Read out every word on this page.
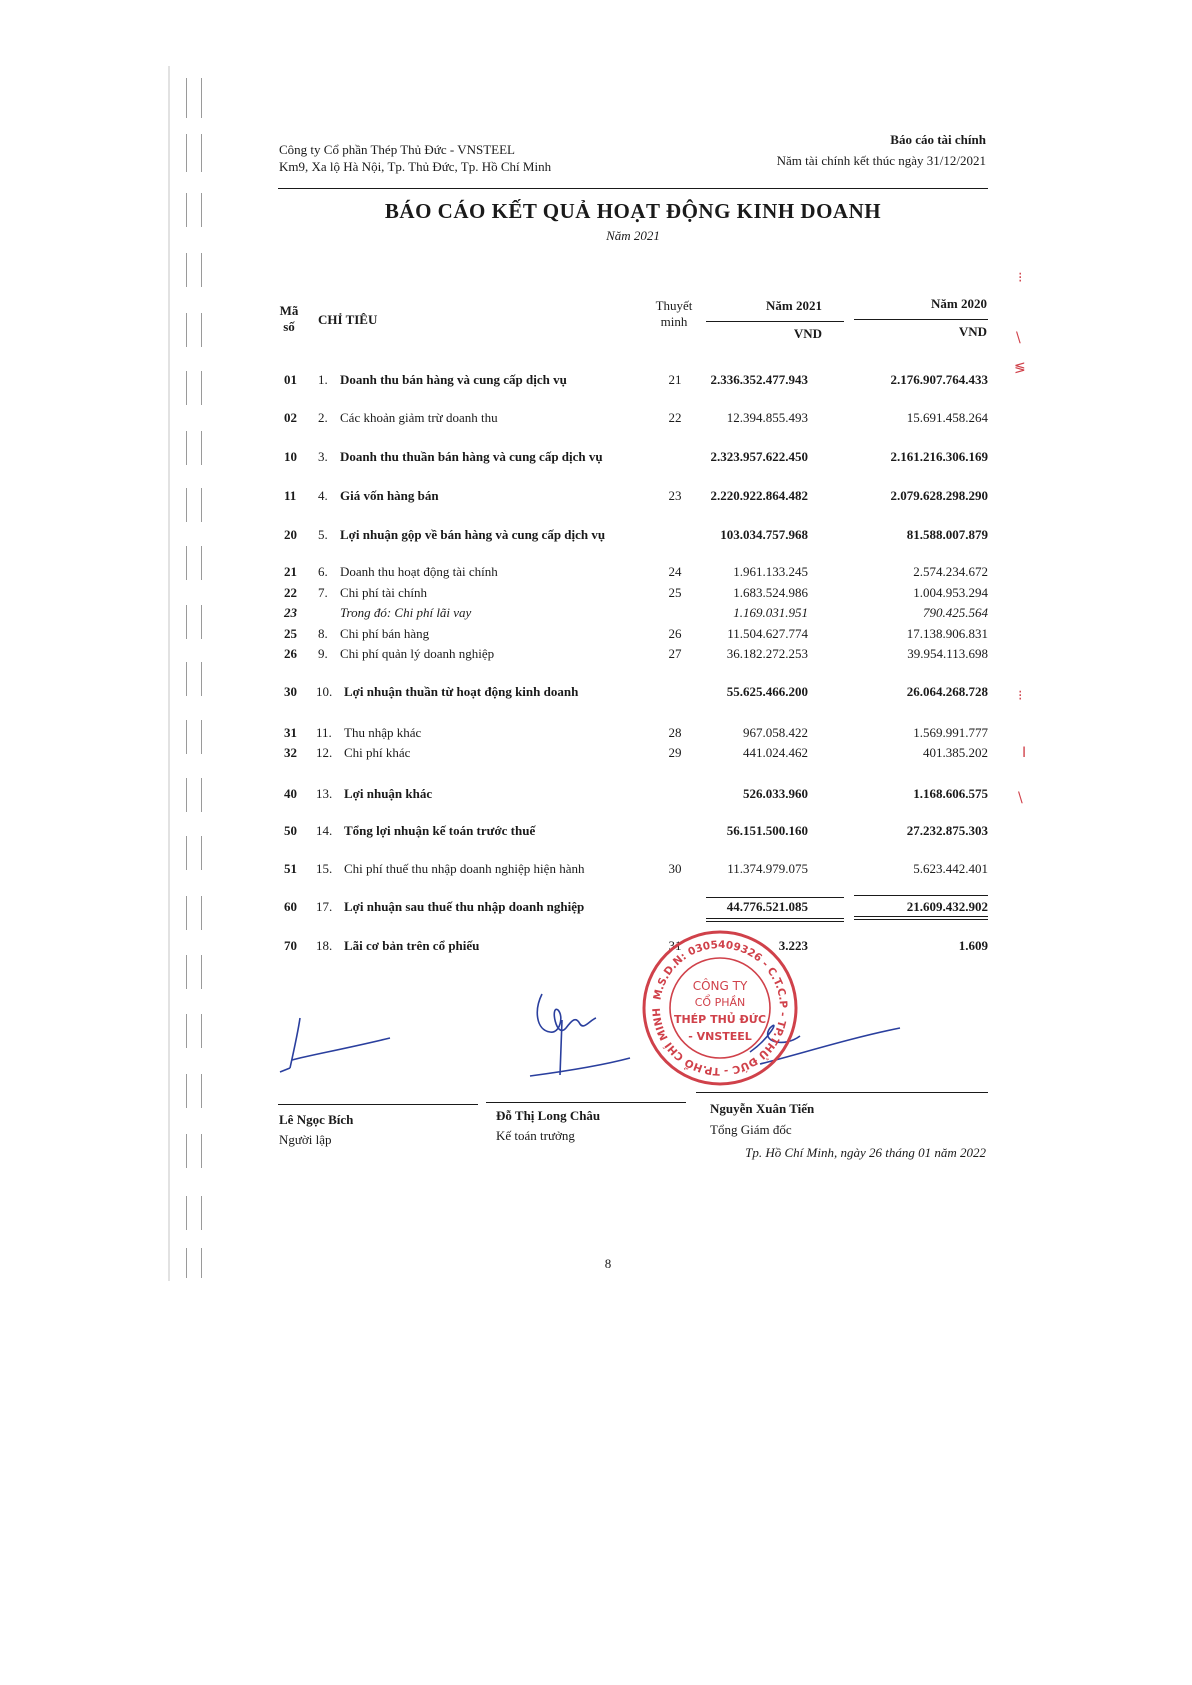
⁝
\
≶
⁝
I
\
Công ty Cổ phần Thép Thủ Đức - VNSTEEL
Km9, Xa lộ Hà Nội, Tp. Thủ Đức, Tp. Hồ Chí Minh
Báo cáo tài chính
Năm tài chính kết thúc ngày 31/12/2021
BÁO CÁO KẾT QUẢ HOẠT ĐỘNG KINH DOANH
Năm 2021
Mã
số	CHỈ TIÊU
Thuyết
minh
Năm 2021	Năm 2020
VND	VND
01 1. Doanh thu bán hàng và cung cấp dịch vụ	21	2.336.352.477.943	2.176.907.764.433
02 2. Các khoản giảm trừ doanh thu	22	12.394.855.493	15.691.458.264
10 3. Doanh thu thuần bán hàng và cung cấp dịch vụ	2.323.957.622.450	2.161.216.306.169
11 4. Giá vốn hàng bán	23	2.220.922.864.482	2.079.628.298.290
20 5. Lợi nhuận gộp về bán hàng và cung cấp dịch vụ	103.034.757.968	81.588.007.879
21 6. Doanh thu hoạt động tài chính	24	1.961.133.245	2.574.234.672
22 7. Chi phí tài chính	25	1.683.524.986	1.004.953.294
23	Trong đó: Chi phí lãi vay	1.169.031.951	790.425.564
25 8. Chi phí bán hàng	26	11.504.627.774	17.138.906.831
26 9. Chi phí quản lý doanh nghiệp	27	36.182.272.253	39.954.113.698
30 10. Lợi nhuận thuần từ hoạt động kinh doanh	55.625.466.200	26.064.268.728
31 11. Thu nhập khác	28	967.058.422	1.569.991.777
32 12. Chi phí khác	29	441.024.462	401.385.202
40 13. Lợi nhuận khác	526.033.960	1.168.606.575
50 14. Tổng lợi nhuận kế toán trước thuế	56.151.500.160	27.232.875.303
51 15. Chi phí thuế thu nhập doanh nghiệp hiện hành	30	11.374.979.075	5.623.442.401
60 17. Lợi nhuận sau thuế thu nhập doanh nghiệp	44.776.521.085	21.609.432.902
70 18. Lãi cơ bản trên cổ phiếu	31	3.223	1.609
M.S.D.N: 0305409326 - C.T.C.P - TP.THỦ ĐỨC - TP.HỒ CHÍ MINH
CÔNG TY
CỔ PHẦN
THÉP THỦ ĐỨC
- VNSTEEL
Lê Ngọc Bích
Người lập
Đỗ Thị Long Châu
Kế toán trưởng
Nguyễn Xuân Tiến
Tổng Giám đốc
Tp. Hồ Chí Minh, ngày 26 tháng 01 năm 2022
8
